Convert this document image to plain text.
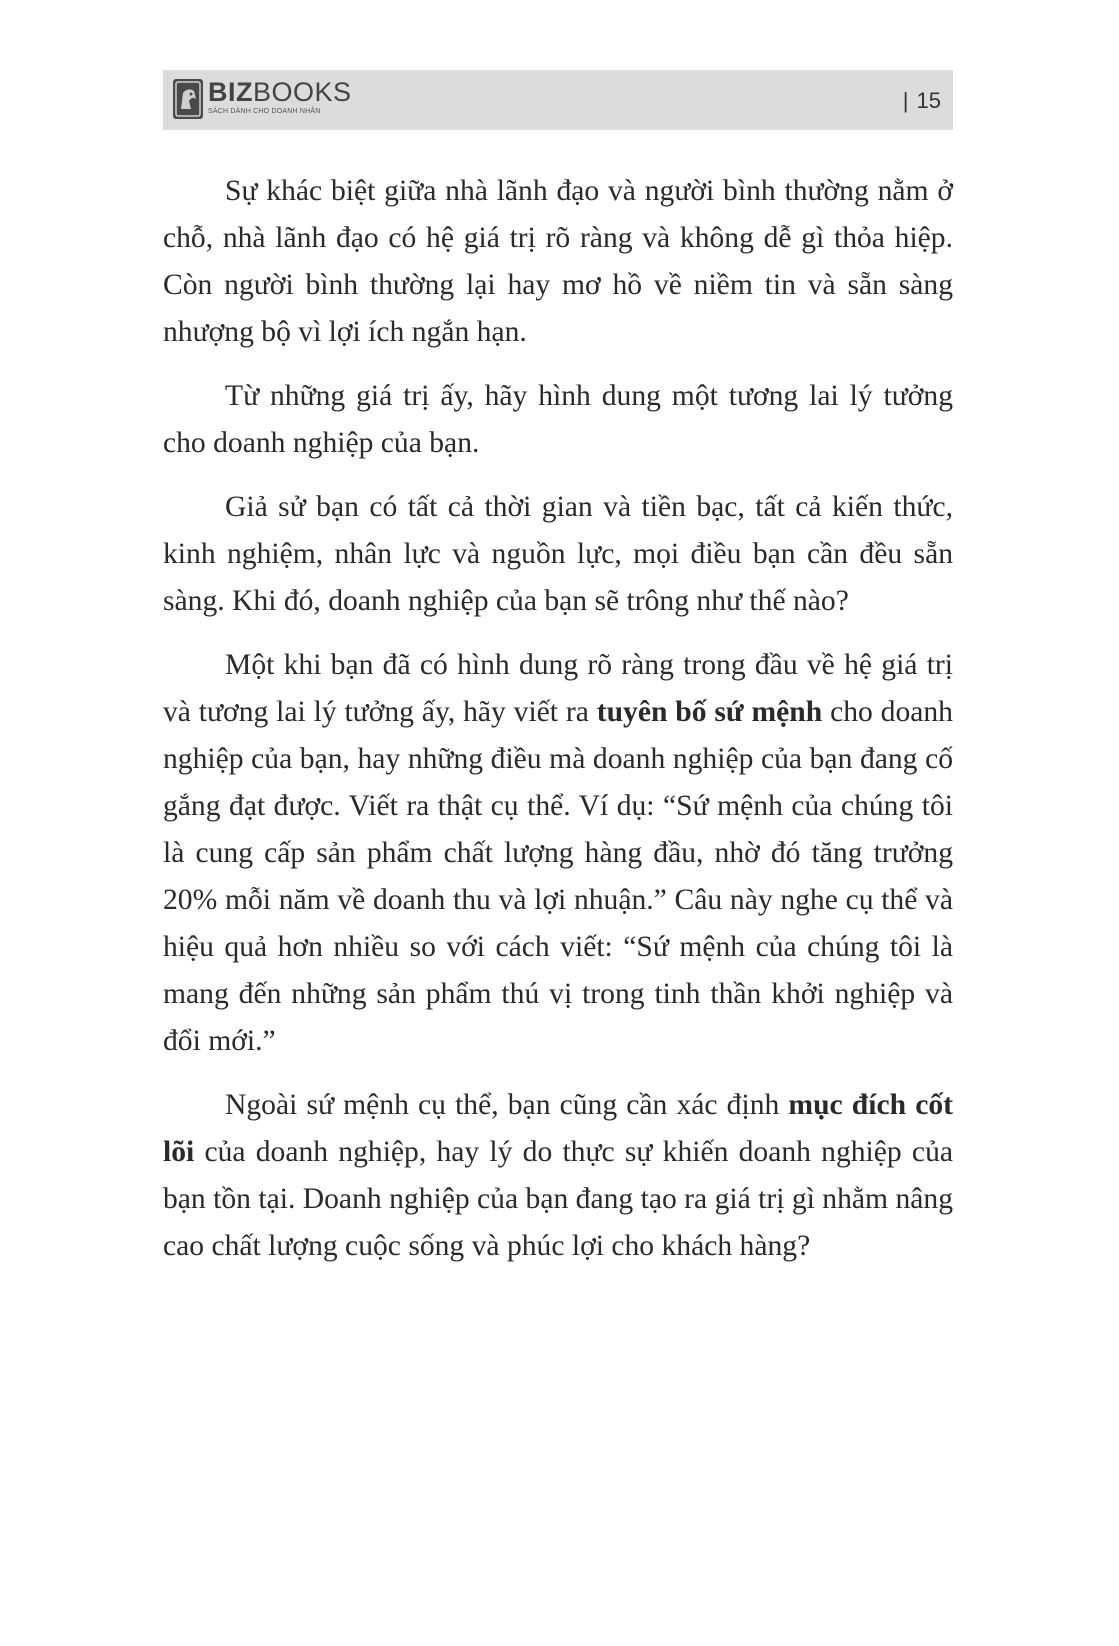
BIZBOOKS
SÁCH DÀNH CHO DOANH NHÂN	| 15

Sự khác biệt giữa nhà lãnh đạo và người bình thường nằm ở chỗ, nhà lãnh đạo có hệ giá trị rõ ràng và không dễ gì thỏa hiệp. Còn người bình thường lại hay mơ hồ về niềm tin và sẵn sàng nhượng bộ vì lợi ích ngắn hạn.

Từ những giá trị ấy, hãy hình dung một tương lai lý tưởng cho doanh nghiệp của bạn.

Giả sử bạn có tất cả thời gian và tiền bạc, tất cả kiến thức, kinh nghiệm, nhân lực và nguồn lực, mọi điều bạn cần đều sẵn sàng. Khi đó, doanh nghiệp của bạn sẽ trông như thế nào?

Một khi bạn đã có hình dung rõ ràng trong đầu về hệ giá trị và tương lai lý tưởng ấy, hãy viết ra tuyên bố sứ mệnh cho doanh nghiệp của bạn, hay những điều mà doanh nghiệp của bạn đang cố gắng đạt được. Viết ra thật cụ thể. Ví dụ: “Sứ mệnh của chúng tôi là cung cấp sản phẩm chất lượng hàng đầu, nhờ đó tăng trưởng 20% mỗi năm về doanh thu và lợi nhuận.” Câu này nghe cụ thể và hiệu quả hơn nhiều so với cách viết: “Sứ mệnh của chúng tôi là mang đến những sản phẩm thú vị trong tinh thần khởi nghiệp và đổi mới.”

Ngoài sứ mệnh cụ thể, bạn cũng cần xác định mục đích cốt lõi của doanh nghiệp, hay lý do thực sự khiến doanh nghiệp của bạn tồn tại. Doanh nghiệp của bạn đang tạo ra giá trị gì nhằm nâng cao chất lượng cuộc sống và phúc lợi cho khách hàng?
